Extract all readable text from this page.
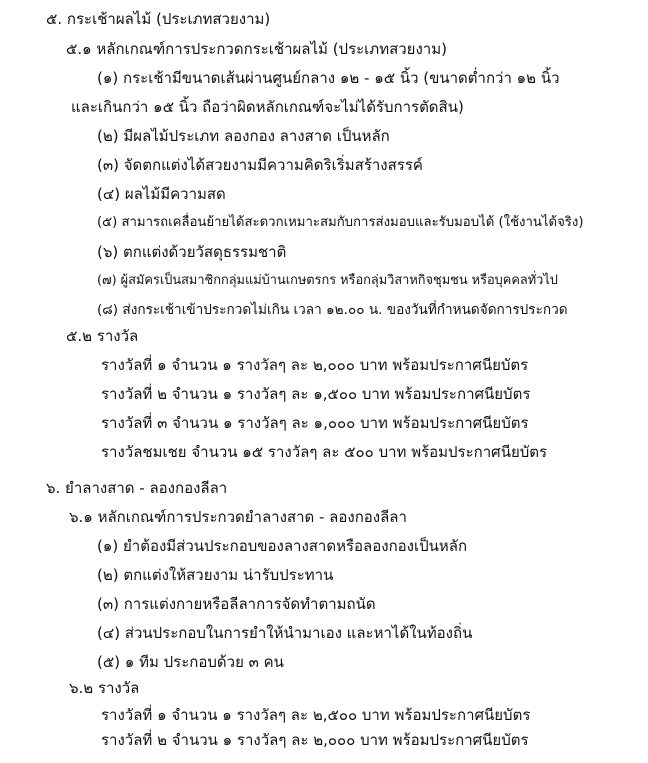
๕. กระเช้าผลไม้ (ประเภทสวยงาม)
๕.๑ หลักเกณฑ์การประกวดกระเช้าผลไม้ (ประเภทสวยงาม)
(๑) กระเช้ามีขนาดเส้นผ่านศูนย์กลาง ๑๒ - ๑๕ นิ้ว (ขนาดต่ำกว่า ๑๒ นิ้ว
และเกินกว่า ๑๕ นิ้ว ถือว่าผิดหลักเกณฑ์จะไม่ได้รับการตัดสิน)
(๒) มีผลไม้ประเภท ลองกอง ลางสาด เป็นหลัก
(๓) จัดตกแต่งได้สวยงามมีความคิดริเริ่มสร้างสรรค์
(๔) ผลไม้มีความสด
(๕) สามารถเคลื่อนย้ายได้สะดวกเหมาะสมกับการส่งมอบและรับมอบได้ (ใช้งานได้จริง)
(๖) ตกแต่งด้วยวัสดุธรรมชาติ
(๗) ผู้สมัครเป็นสมาชิกกลุ่มแม่บ้านเกษตรกร หรือกลุ่มวิสาหกิจชุมชน หรือบุคคลทั่วไป
(๘) ส่งกระเช้าเข้าประกวดไม่เกิน เวลา ๑๒.๐๐ น. ของวันที่กำหนดจัดการประกวด
๕.๒ รางวัล
รางวัลที่ ๑ จำนวน ๑ รางวัลๆ ละ ๒,๐๐๐ บาท พร้อมประกาศนียบัตร
รางวัลที่ ๒ จำนวน ๑ รางวัลๆ ละ ๑,๕๐๐ บาท พร้อมประกาศนียบัตร
รางวัลที่ ๓ จำนวน ๑ รางวัลๆ ละ ๑,๐๐๐ บาท พร้อมประกาศนียบัตร
รางวัลชมเชย จำนวน ๑๕ รางวัลๆ ละ ๕๐๐ บาท พร้อมประกาศนียบัตร
๖. ยำลางสาด - ลองกองลีลา
๖.๑ หลักเกณฑ์การประกวดยำลางสาด - ลองกองลีลา
(๑) ยำต้องมีส่วนประกอบของลางสาดหรือลองกองเป็นหลัก
(๒) ตกแต่งให้สวยงาม น่ารับประทาน
(๓) การแต่งกายหรือลีลาการจัดทำตามถนัด
(๔) ส่วนประกอบในการยำให้นำมาเอง และหาได้ในท้องถิ่น
(๕) ๑ ทีม ประกอบด้วย ๓ คน
๖.๒ รางวัล
รางวัลที่ ๑ จำนวน ๑ รางวัลๆ ละ ๒,๕๐๐ บาท พร้อมประกาศนียบัตร
รางวัลที่ ๒ จำนวน ๑ รางวัลๆ ละ ๒,๐๐๐ บาท พร้อมประกาศนียบัตร
